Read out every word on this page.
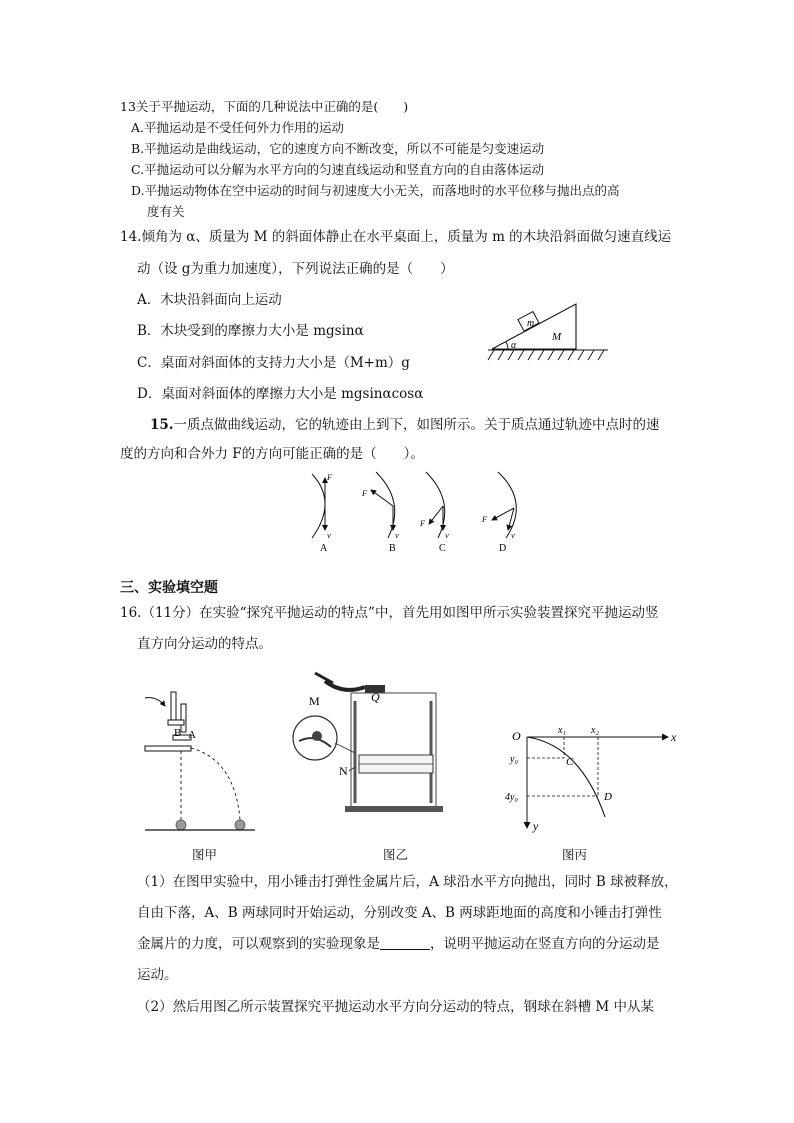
13关于平抛运动，下面的几种说法中正确的是(　　)
A.平抛运动是不受任何外力作用的运动
B.平抛运动是曲线运动，它的速度方向不断改变，所以不可能是匀变速运动
C.平抛运动可以分解为水平方向的匀速直线运动和竖直方向的自由落体运动
D.平抛运动物体在空中运动的时间与初速度大小无关，而落地时的水平位移与抛出点的高
度有关
14.倾角为 α、质量为 M 的斜面体静止在水平桌面上，质量为 m 的木块沿斜面做匀速直线运
动（设 g为重力加速度），下列说法正确的是（　　）
A．木块沿斜面向上运动
B．木块受到的摩擦力大小是 mgsinα
C．桌面对斜面体的支持力大小是（M+m）g
D．桌面对斜面体的摩擦力大小是 mgsinαcosα
m
M
α
15.一质点做曲线运动，它的轨迹由上到下，如图所示。关于质点通过轨迹中点时的速
度的方向和合外力 F的方向可能正确的是（　　）。
F
v
A
F
v
B
F
v
C
F
v
D
三、实验填空题
16.（11分）在实验“探究平抛运动的特点”中，首先用如图甲所示实验装置探究平抛运动竖
直方向分运动的特点。
B A
M	Q
N
O	x₁	x₂	x
y₀
4y₀
C
D
y
图甲	图乙	图丙
（1）在图甲实验中，用小锤击打弹性金属片后，A 球沿水平方向抛出，同时 B 球被释放，
自由下落，A、B 两球同时开始运动，分别改变 A、B 两球距地面的高度和小锤击打弹性
金属片的力度，可以观察到的实验现象是	，说明平抛运动在竖直方向的分运动是
运动。
（2）然后用图乙所示装置探究平抛运动水平方向分运动的特点，钢球在斜槽 M 中从某
